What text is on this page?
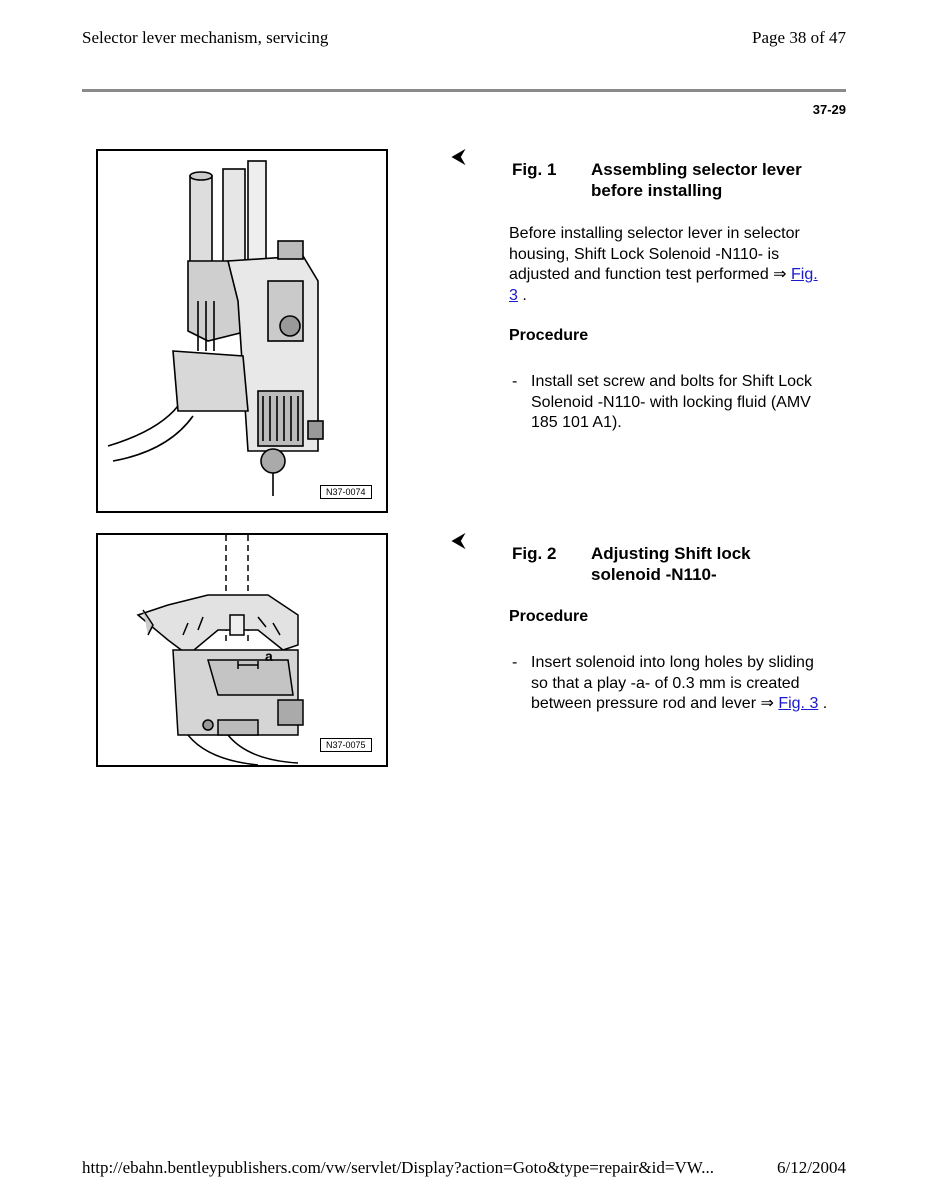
Selector lever mechanism, servicing	Page 38 of 47
37-29
N37-0074
⮜
Fig. 1 Assembling selector lever before installing
Before installing selector lever in selector housing, Shift Lock Solenoid -N110- is adjusted and function test performed ⇒ Fig. 3 .
Procedure
- Install set screw and bolts for Shift Lock Solenoid -N110- with locking fluid (AMV 185 101 A1).
a
N37-0075
⮜
Fig. 2 Adjusting Shift lock solenoid -N110-
Procedure
- Insert solenoid into long holes by sliding so that a play -a- of 0.3 mm is created between pressure rod and lever ⇒ Fig. 3 .
http://ebahn.bentleypublishers.com/vw/servlet/Display?action=Goto&type=repair&id=VW...	6/12/2004
